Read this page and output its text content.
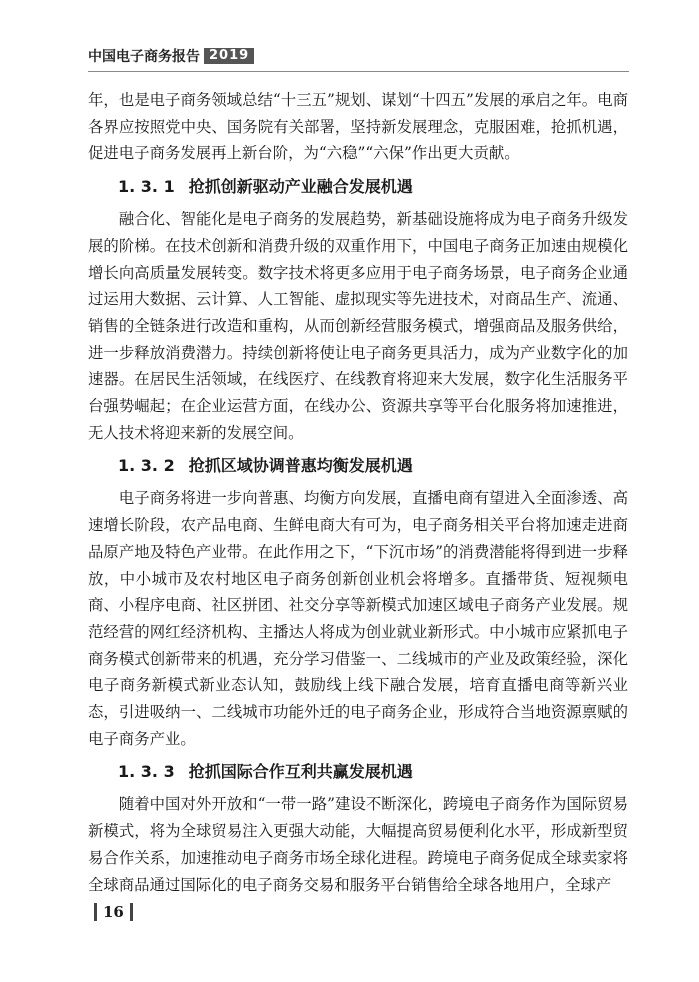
中国电子商务报告 2019

年，也是电子商务领域总结“十三五”规划、谋划“十四五”发展的承启之年。电商各界应按照党中央、国务院有关部署，坚持新发展理念，克服困难，抢抓机遇，促进电子商务发展再上新台阶，为“六稳”“六保”作出更大贡献。

1. 3. 1 抢抓创新驱动产业融合发展机遇

融合化、智能化是电子商务的发展趋势，新基础设施将成为电子商务升级发展的阶梯。在技术创新和消费升级的双重作用下，中国电子商务正加速由规模化增长向高质量发展转变。数字技术将更多应用于电子商务场景，电子商务企业通过运用大数据、云计算、人工智能、虚拟现实等先进技术，对商品生产、流通、销售的全链条进行改造和重构，从而创新经营服务模式，增强商品及服务供给，进一步释放消费潜力。持续创新将使让电子商务更具活力，成为产业数字化的加速器。在居民生活领域，在线医疗、在线教育将迎来大发展，数字化生活服务平台强势崛起；在企业运营方面，在线办公、资源共享等平台化服务将加速推进，无人技术将迎来新的发展空间。

1. 3. 2 抢抓区域协调普惠均衡发展机遇

电子商务将进一步向普惠、均衡方向发展，直播电商有望进入全面渗透、高速增长阶段，农产品电商、生鲜电商大有可为，电子商务相关平台将加速走进商品原产地及特色产业带。在此作用之下，“下沉市场”的消费潜能将得到进一步释放，中小城市及农村地区电子商务创新创业机会将增多。直播带货、短视频电商、小程序电商、社区拼团、社交分享等新模式加速区域电子商务产业发展。规范经营的网红经济机构、主播达人将成为创业就业新形式。中小城市应紧抓电子商务模式创新带来的机遇，充分学习借鉴一、二线城市的产业及政策经验，深化电子商务新模式新业态认知，鼓励线上线下融合发展，培育直播电商等新兴业态，引进吸纳一、二线城市功能外迁的电子商务企业，形成符合当地资源禀赋的电子商务产业。

1. 3. 3 抢抓国际合作互利共赢发展机遇

随着中国对外开放和“一带一路”建设不断深化，跨境电子商务作为国际贸易新模式，将为全球贸易注入更强大动能，大幅提高贸易便利化水平，形成新型贸易合作关系，加速推动电子商务市场全球化进程。跨境电子商务促成全球卖家将全球商品通过国际化的电子商务交易和服务平台销售给全球各地用户，全球产

16
